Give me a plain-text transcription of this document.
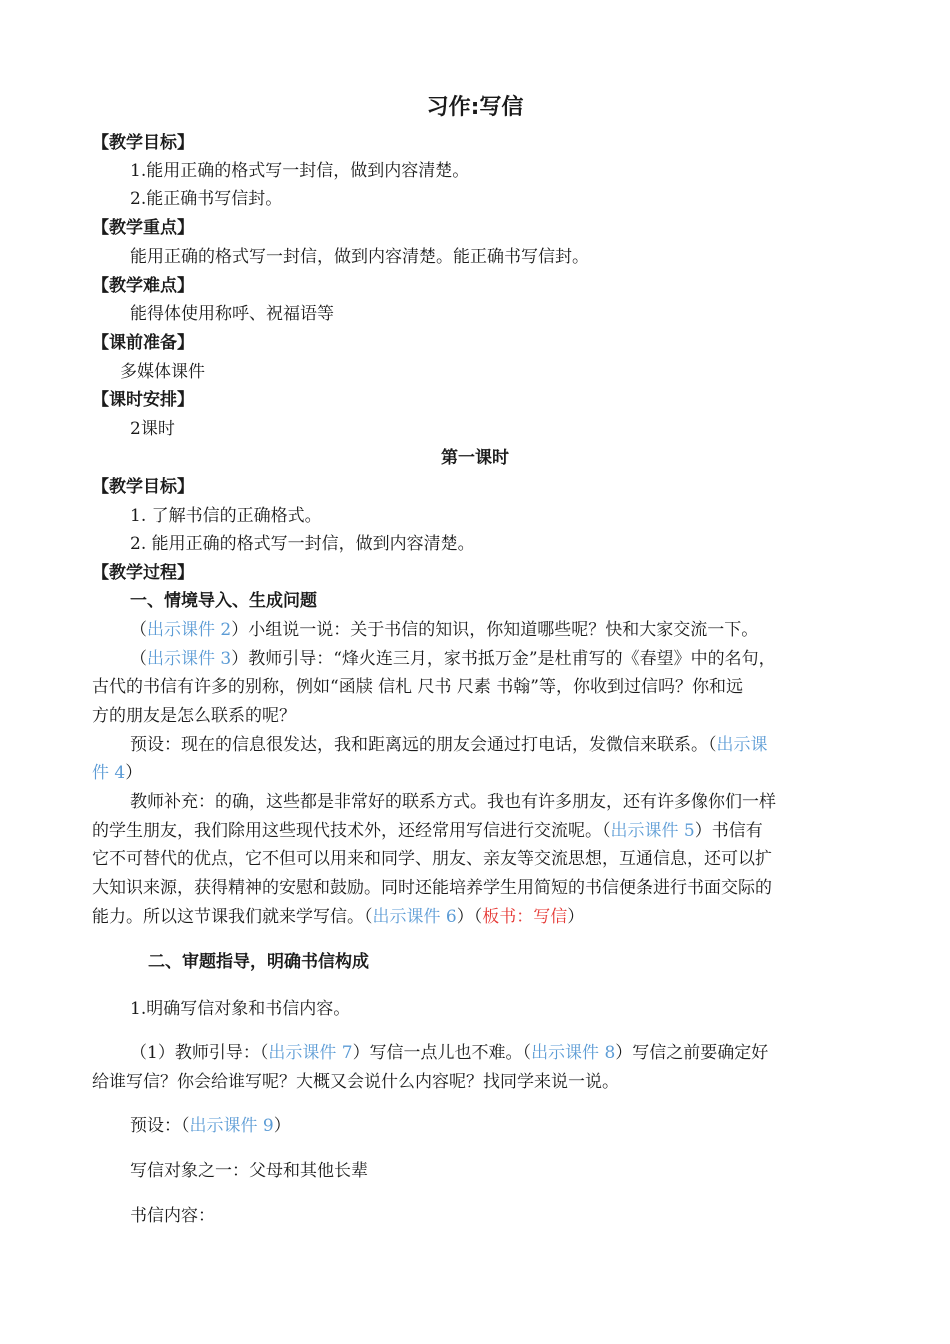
习作:写信
【教学目标】
1.能用正确的格式写一封信，做到内容清楚。
2.能正确书写信封。
【教学重点】
能用正确的格式写一封信，做到内容清楚。能正确书写信封。
【教学难点】
能得体使用称呼、祝福语等
【课前准备】
多媒体课件
【课时安排】
2课时
第一课时
【教学目标】
1. 了解书信的正确格式。
2. 能用正确的格式写一封信，做到内容清楚。
【教学过程】
一、情境导入、生成问题
（出示课件 2）小组说一说：关于书信的知识，你知道哪些呢？快和大家交流一下。
（出示课件 3）教师引导：“烽火连三月，家书抵万金”是杜甫写的《春望》中的名句，
古代的书信有许多的别称，例如“函牍 信札 尺书 尺素 书翰”等，你收到过信吗？你和远
方的朋友是怎么联系的呢？
预设：现在的信息很发达，我和距离远的朋友会通过打电话，发微信来联系。（出示课
件 4）
教师补充：的确，这些都是非常好的联系方式。我也有许多朋友，还有许多像你们一样
的学生朋友，我们除用这些现代技术外，还经常用写信进行交流呢。（出示课件 5）书信有
它不可替代的优点，它不但可以用来和同学、朋友、亲友等交流思想，互通信息，还可以扩
大知识来源，获得精神的安慰和鼓励。同时还能培养学生用简短的书信便条进行书面交际的
能力。所以这节课我们就来学写信。（出示课件 6）（板书：写信）
二、审题指导，明确书信构成
1.明确写信对象和书信内容。
（1）教师引导：（出示课件 7）写信一点儿也不难。（出示课件 8）写信之前要确定好
给谁写信？你会给谁写呢？大概又会说什么内容呢？找同学来说一说。
预设：（出示课件 9）
写信对象之一：父母和其他长辈
书信内容：
